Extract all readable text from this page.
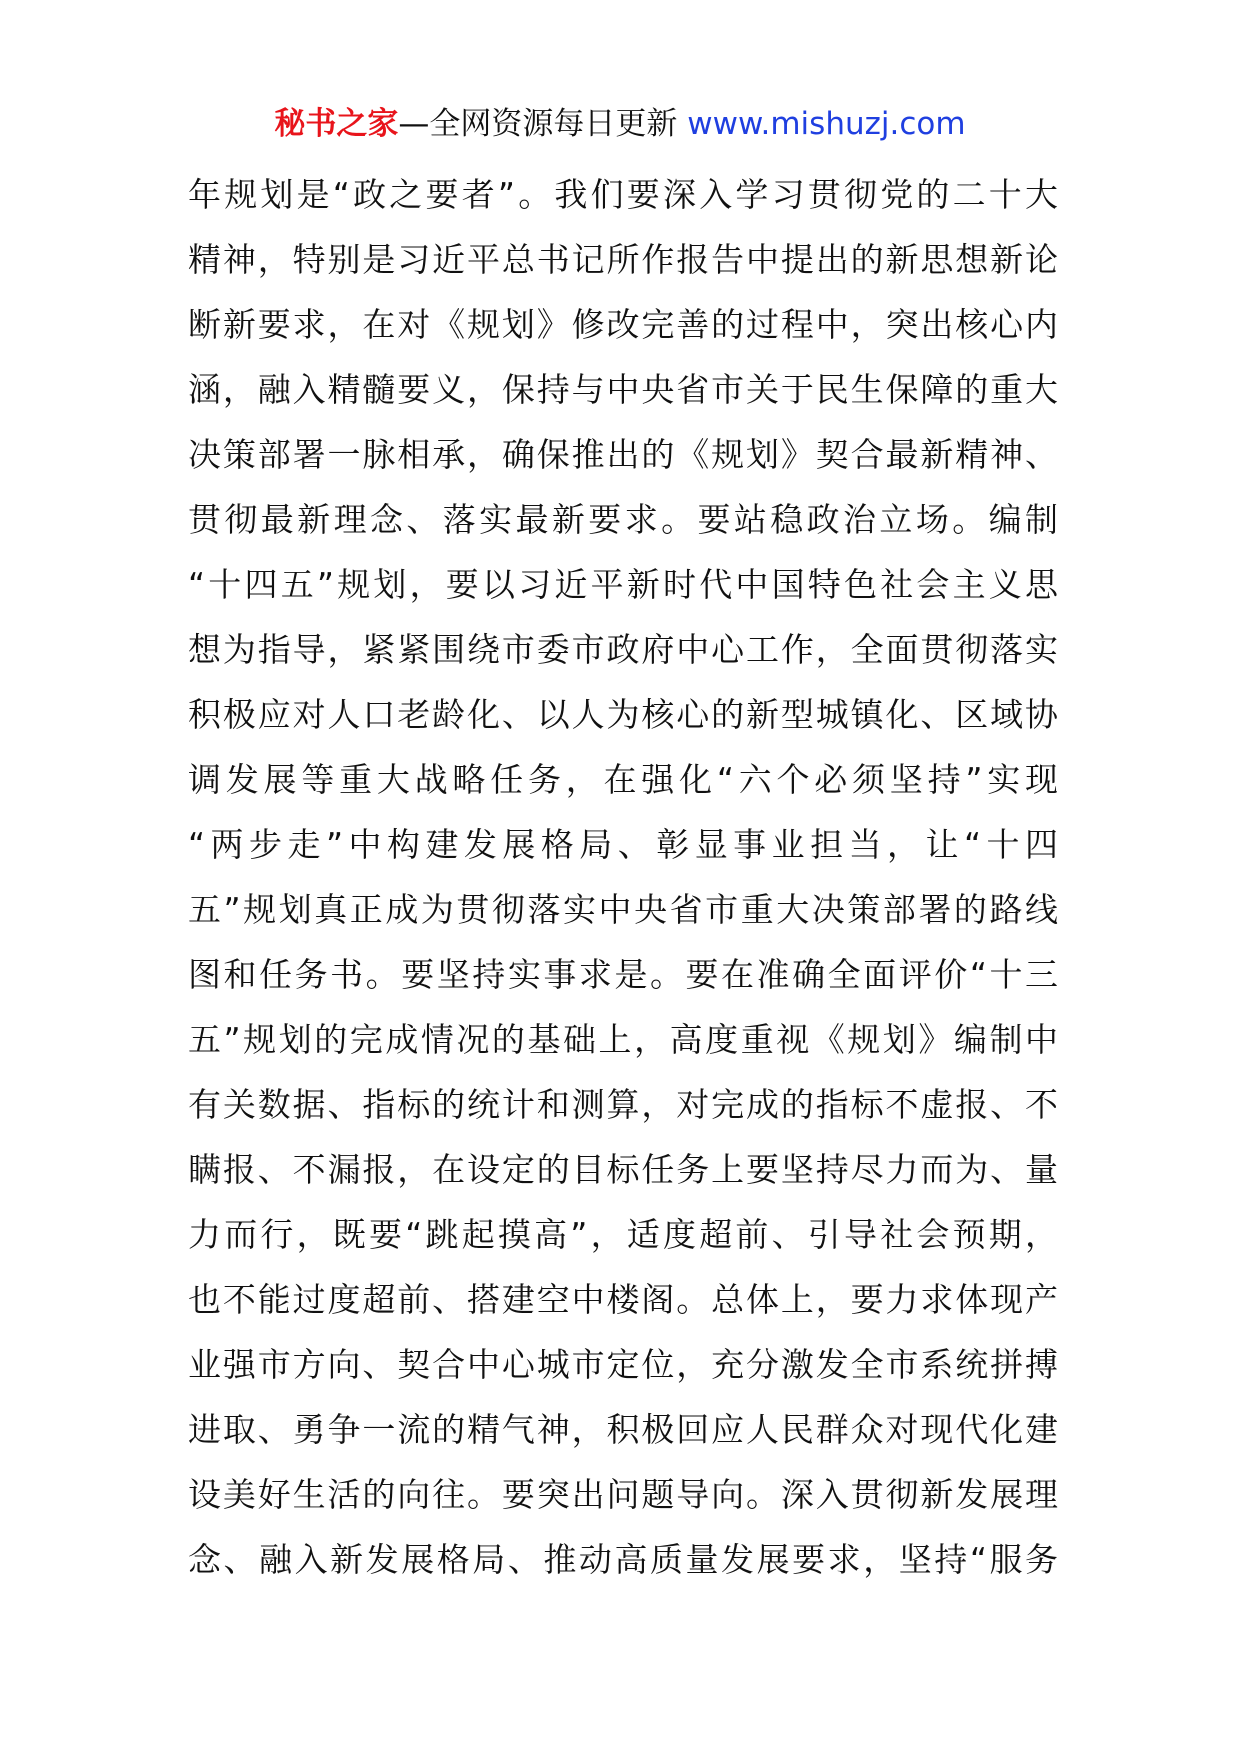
秘书之家—全网资源每日更新 www.mishuzj.com
年规划是“政之要者”。我们要深入学习贯彻党的二十大
精神，特别是习近平总书记所作报告中提出的新思想新论
断新要求，在对《规划》修改完善的过程中，突出核心内
涵，融入精髓要义，保持与中央省市关于民生保障的重大
决策部署一脉相承，确保推出的《规划》契合最新精神、
贯彻最新理念、落实最新要求。要站稳政治立场。编制
“十四五”规划，要以习近平新时代中国特色社会主义思
想为指导，紧紧围绕市委市政府中心工作，全面贯彻落实
积极应对人口老龄化、以人为核心的新型城镇化、区域协
调发展等重大战略任务，在强化“六个必须坚持”实现
“两步走”中构建发展格局、彰显事业担当，让“十四
五”规划真正成为贯彻落实中央省市重大决策部署的路线
图和任务书。要坚持实事求是。要在准确全面评价“十三
五”规划的完成情况的基础上，高度重视《规划》编制中
有关数据、指标的统计和测算，对完成的指标不虚报、不
瞒报、不漏报，在设定的目标任务上要坚持尽力而为、量
力而行，既要“跳起摸高”，适度超前、引导社会预期，
也不能过度超前、搭建空中楼阁。总体上，要力求体现产
业强市方向、契合中心城市定位，充分激发全市系统拼搏
进取、勇争一流的精气神，积极回应人民群众对现代化建
设美好生活的向往。要突出问题导向。深入贯彻新发展理
念、融入新发展格局、推动高质量发展要求，坚持“服务
